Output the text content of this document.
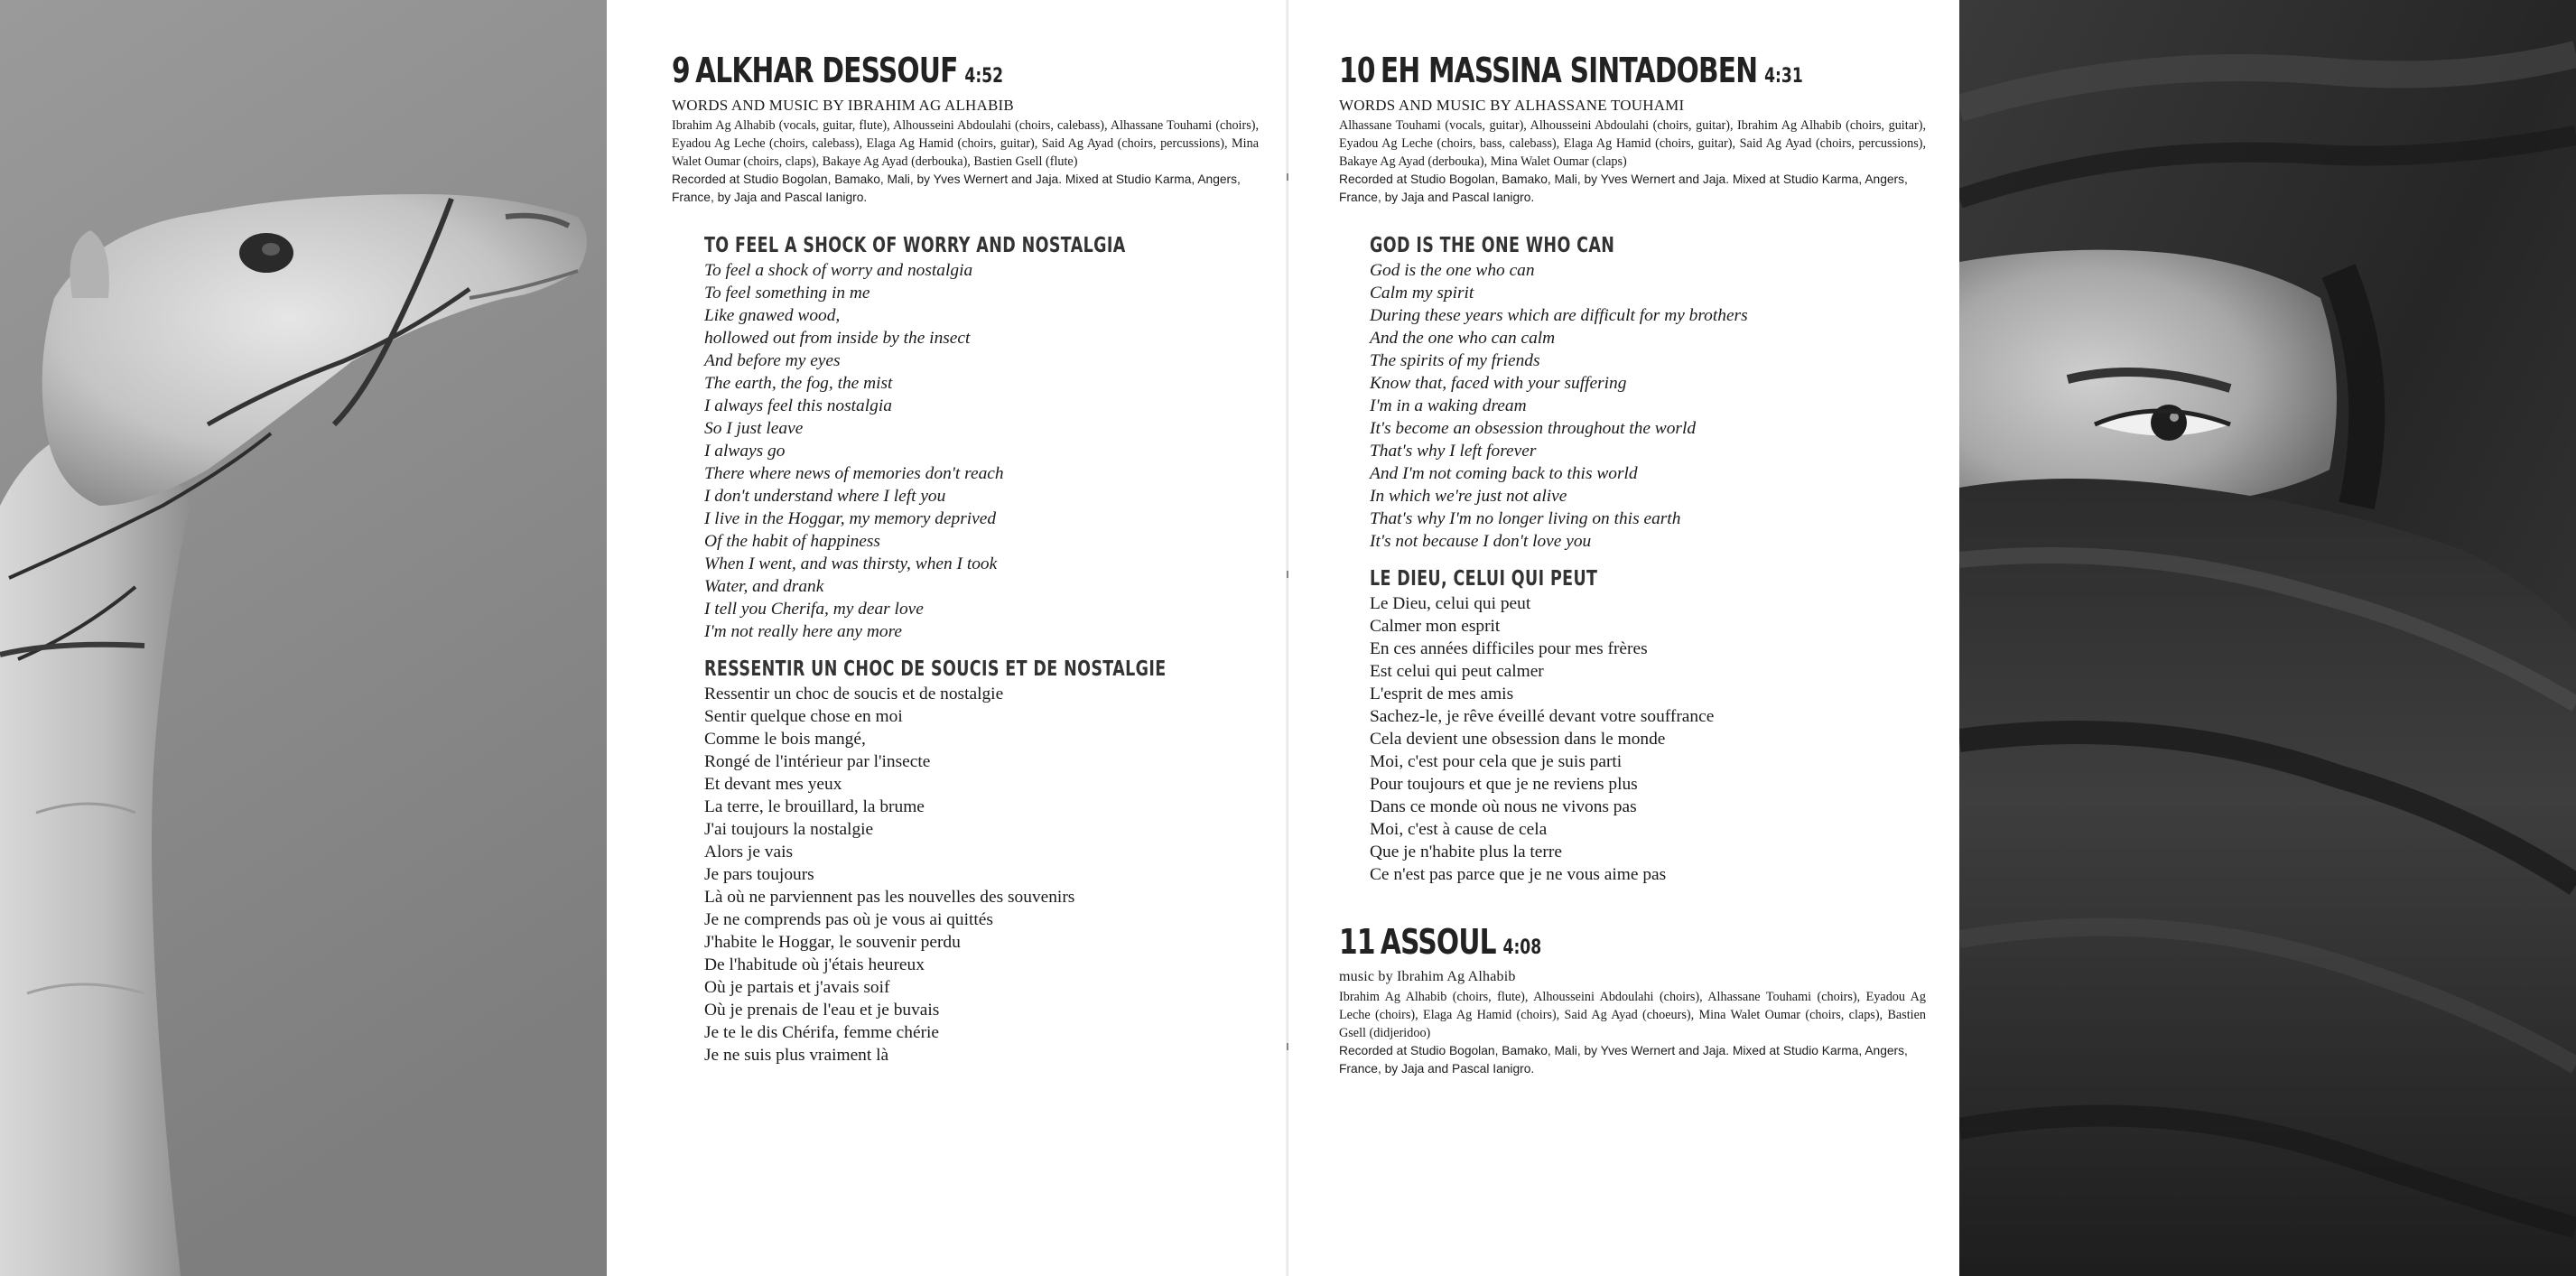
9 ALKHAR DESSOUF 4:52
WORDS AND MUSIC BY IBRAHIM AG ALHABIB

Ibrahim Ag Alhabib (vocals, guitar, flute), Alhousseini Abdoulahi (choirs, calebass), Alhassane Touhami (choirs), Eyadou Ag Leche (choirs, calebass), Elaga Ag Hamid (choirs, guitar), Said Ag Ayad (choirs, percussions), Mina Walet Oumar (choirs, claps), Bakaye Ag Ayad (derbouka), Bastien Gsell (flute)

Recorded at Studio Bogolan, Bamako, Mali, by Yves Wernert and Jaja. Mixed at Studio Karma, Angers, France, by Jaja and Pascal Ianigro.

TO FEEL A SHOCK OF WORRY AND NOSTALGIA
To feel a shock of worry and nostalgia
To feel something in me
Like gnawed wood,
hollowed out from inside by the insect
And before my eyes
The earth, the fog, the mist
I always feel this nostalgia
So I just leave
I always go
There where news of memories don't reach
I don't understand where I left you
I live in the Hoggar, my memory deprived
Of the habit of happiness
When I went, and was thirsty, when I took
Water, and drank
I tell you Cherifa, my dear love
I'm not really here any more
RESSENTIR UN CHOC DE SOUCIS ET DE NOSTALGIE
Ressentir un choc de soucis et de nostalgie
Sentir quelque chose en moi
Comme le bois mangé,
Rongé de l'intérieur par l'insecte
Et devant mes yeux
La terre, le brouillard, la brume
J'ai toujours la nostalgie
Alors je vais
Je pars toujours
Là où ne parviennent pas les nouvelles des souvenirs
Je ne comprends pas où je vous ai quittés
J'habite le Hoggar, le souvenir perdu
De l'habitude où j'étais heureux
Où je partais et j'avais soif
Où je prenais de l'eau et je buvais
Je te le dis Chérifa, femme chérie
Je ne suis plus vraiment là
10 EH MASSINA SINTADOBEN 4:31
WORDS AND MUSIC BY ALHASSANE TOUHAMI

Alhassane Touhami (vocals, guitar), Alhousseini Abdoulahi (choirs, guitar), Ibrahim Ag Alhabib (choirs, guitar), Eyadou Ag Leche (choirs, bass, calebass), Elaga Ag Hamid (choirs, guitar), Said Ag Ayad (choirs, percussions), Bakaye Ag Ayad (derbouka), Mina Walet Oumar (claps)

Recorded at Studio Bogolan, Bamako, Mali, by Yves Wernert and Jaja. Mixed at Studio Karma, Angers, France, by Jaja and Pascal Ianigro.

GOD IS THE ONE WHO CAN
God is the one who can
Calm my spirit
During these years which are difficult for my brothers
And the one who can calm
The spirits of my friends
Know that, faced with your suffering
I'm in a waking dream
It's become an obsession throughout the world
That's why I left forever
And I'm not coming back to this world
In which we're just not alive
That's why I'm no longer living on this earth
It's not because I don't love you
LE DIEU, CELUI QUI PEUT
Le Dieu, celui qui peut
Calmer mon esprit
En ces années difficiles pour mes frères
Est celui qui peut calmer
L'esprit de mes amis
Sachez-le, je rêve éveillé devant votre souffrance
Cela devient une obsession dans le monde
Moi, c'est pour cela que je suis parti
Pour toujours et que je ne reviens plus
Dans ce monde où nous ne vivons pas
Moi, c'est à cause de cela
Que je n'habite plus la terre
Ce n'est pas parce que je ne vous aime pas
11 ASSOUL 4:08
music by Ibrahim Ag Alhabib

Ibrahim Ag Alhabib (choirs, flute), Alhousseini Abdoulahi (choirs), Alhassane Touhami (choirs), Eyadou Ag Leche (choirs), Elaga Ag Hamid (choirs), Said Ag Ayad (choeurs), Mina Walet Oumar (choirs, claps), Bastien Gsell (didjeridoo)

Recorded at Studio Bogolan, Bamako, Mali, by Yves Wernert and Jaja. Mixed at Studio Karma, Angers, France, by Jaja and Pascal Ianigro.
